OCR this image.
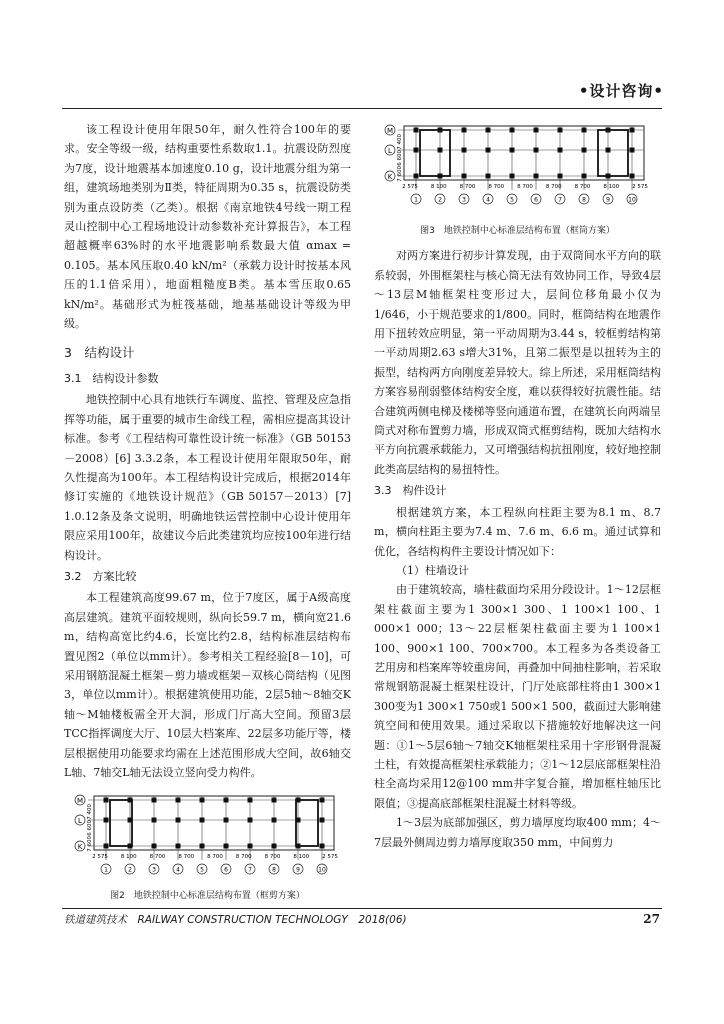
•设计咨询•

该工程设计使用年限50年，耐久性符合100年的要求。安全等级一级，结构重要性系数取1.1。抗震设防烈度为7度，设计地震基本加速度0.10 g，设计地震分组为第一组，建筑场地类别为Ⅱ类，特征周期为0.35 s，抗震设防类别为重点设防类（乙类）。根据《南京地铁4号线一期工程灵山控制中心工程场地设计动参数补充计算报告》，本工程超越概率63%时的水平地震影响系数最大值 αmax = 0.105。基本风压取0.40 kN/m²（承载力设计时按基本风压的1.1倍采用），地面粗糙度B类。基本雪压取0.65 kN/m²。基础形式为桩筏基础，地基基础设计等级为甲级。

3　结构设计
3.1　结构设计参数

地铁控制中心具有地铁行车调度、监控、管理及应急指挥等功能，属于重要的城市生命线工程，需相应提高其设计标准。参考《工程结构可靠性设计统一标准》（GB 50153－2008）[6] 3.3.2条，本工程设计使用年限取50年，耐久性提高为100年。本工程结构设计完成后，根据2014年修订实施的《地铁设计规范》（GB 50157－2013）[7] 1.0.12条及条文说明，明确地铁运营控制中心设计使用年限应采用100年，故建议今后此类建筑均应按100年进行结构设计。

3.2　方案比较

本工程建筑高度99.67 m，位于7度区，属于A级高度高层建筑。建筑平面较规则，纵向长59.7 m，横向宽21.6 m，结构高宽比约4.6，长宽比约2.8，结构标准层结构布置见图2（单位以mm计）。参考相关工程经验[8－10]，可采用钢筋混凝土框架－剪力墙或框架－双核心筒结构（见图3，单位以mm计）。根据建筑使用功能，2层5轴～8轴交K轴～M轴楼板需全开大洞，形成门厅高大空间。预留3层TCC指挥调度大厅、10层大档案库、22层多功能厅等，楼层根据使用功能要求均需在上述范围形成大空间，故6轴交L轴、7轴交L轴无法设立竖向受力构件。

M
L
K
7 400
6 600
7 600
2 575 8 100 8 700 8 700 8 700 8 700 8 700 8 100 2 575
1	2	3	4	5	6	7	8	9	10
图2　地铁控制中心标准层结构布置（框剪方案）
M
L
K
7 400
6 600
7 600
2 575 8 100 8 700 8 700 8 700 8 700 8 700 8 100 2 575
1	2	3	4	5	6	7	8	9	10
图3　地铁控制中心标准层结构布置（框筒方案）

对两方案进行初步计算发现，由于双筒间水平方向的联系较弱，外围框架柱与核心筒无法有效协同工作，导致4层～13层M轴框架柱变形过大，层间位移角最小仅为1/646，小于规范要求的1/800。同时，框筒结构在地震作用下扭转效应明显，第一平动周期为3.44 s，较框剪结构第一平动周期2.63 s增大31%，且第二振型是以扭转为主的振型，结构两方向刚度差异较大。综上所述，采用框筒结构方案容易削弱整体结构安全度，难以获得较好抗震性能。结合建筑两侧电梯及楼梯等竖向通道布置，在建筑长向两端呈筒式对称布置剪力墙，形成双筒式框剪结构，既加大结构水平方向抗震承载能力，又可增强结构抗扭刚度，较好地控制此类高层结构的易扭特性。

3.3　构件设计

根据建筑方案，本工程纵向柱距主要为8.1 m、8.7 m，横向柱距主要为7.4 m、7.6 m、6.6 m。通过试算和优化，各结构构件主要设计情况如下：

（1）柱墙设计

由于建筑较高，墙柱截面均采用分段设计。1～12层框架柱截面主要为1 300×1 300、1 100×1 100、1 000×1 000；13～22层框架柱截面主要为1 100×1 100、900×1 100、700×700。本工程多为各类设备工艺用房和档案库等较重房间，再叠加中间抽柱影响，若采取常规钢筋混凝土框架柱设计，门厅处底部柱将由1 300×1 300变为1 300×1 750或1 500×1 500，截面过大影响建筑空间和使用效果。通过采取以下措施较好地解决这一问题：①1～5层6轴～7轴交K轴框架柱采用十字形钢骨混凝土柱，有效提高框架柱承载能力；②1～12层底部框架柱沿柱全高均采用12@100 mm井字复合箍，增加框柱轴压比限值；③提高底部框架柱混凝土材料等级。

1～3层为底部加强区，剪力墙厚度均取400 mm；4～7层最外侧周边剪力墙厚度取350 mm，中间剪力

铁道建筑技术　RAILWAY CONSTRUCTION TECHNOLOGY　2018(06)	27
